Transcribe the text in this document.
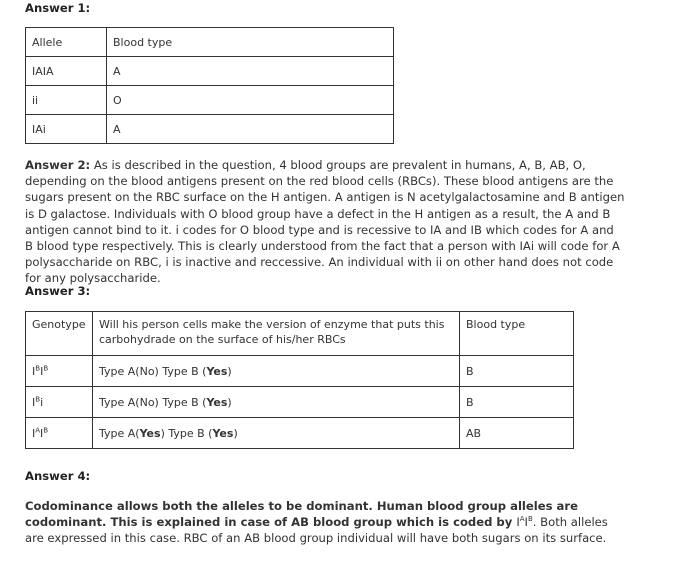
Answer 1:
Allele	Blood type
IAIA	A
ii	O
IAi	A
Answer 2: As is described in the question, 4 blood groups are prevalent in humans, A, B, AB, O, depending on the blood antigens present on the red blood cells (RBCs). These blood antigens are the sugars present on the RBC surface on the H antigen. A antigen is N acetylgalactosamine and B antigen is D galactose. Individuals with O blood group have a defect in the H antigen as a result, the A and B antigen cannot bind to it. i codes for O blood type and is recessive to IA and IB which codes for A and B blood type respectively. This is clearly understood from the fact that a person with IAi will code for A polysaccharide on RBC, i is inactive and reccessive. An individual with ii on other hand does not code for any polysaccharide.
Answer 3:
Genotype	Will his person cells make the version of enzyme that puts this carbohydrade on the surface of his/her RBCs	Blood type
$I^BI^B$	Type A(No) Type B (Yes)	B
$I^Bi$	Type A(No) Type B (Yes)	B
$I^AI^B$	Type A(Yes) Type B (Yes)	AB
Answer 4:
Codominance allows both the alleles to be dominant. Human blood group alleles are codominant. This is explained in case of AB blood group which is coded by $I^AI^B$. Both alleles are expressed in this case. RBC of an AB blood group individual will have both sugars on its surface.
